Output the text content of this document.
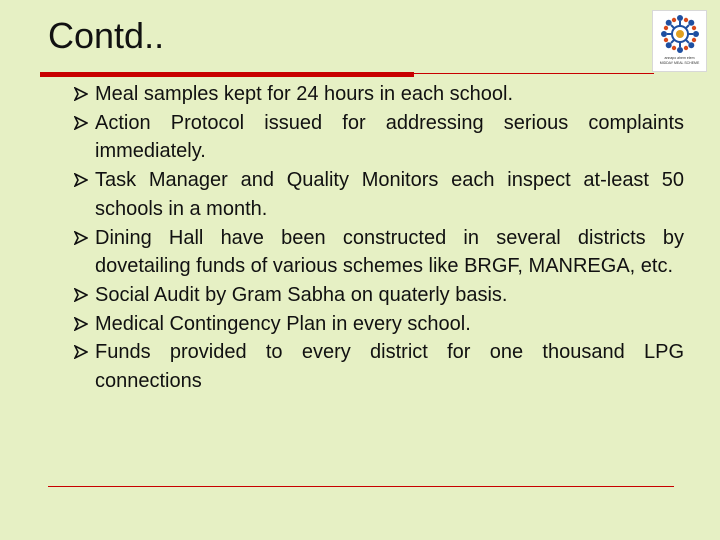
Contd..
annapo ahem elem
MIDDAY MEAL SCHEME
Meal samples kept for 24 hours in each school.
Action Protocol issued for addressing serious complaints immediately.
Task Manager and Quality Monitors each inspect at-least 50 schools in a month.
Dining Hall have been constructed in several districts by dovetailing funds of various schemes like BRGF, MANREGA, etc.
Social Audit by Gram Sabha on quaterly basis.
Medical Contingency Plan in every school.
Funds provided to every district for one thousand LPG connections
